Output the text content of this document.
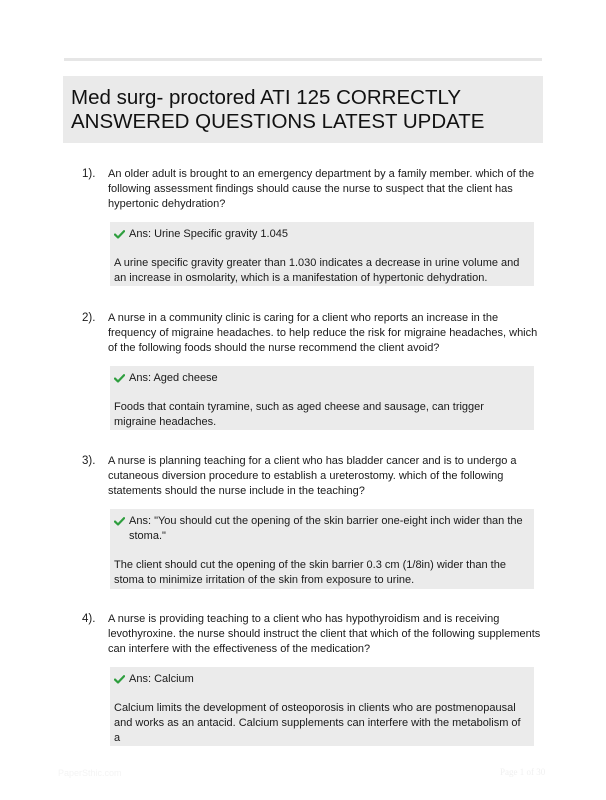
Med surg- proctored ATI 125 CORRECTLY ANSWERED QUESTIONS LATEST UPDATE
1). An older adult is brought to an emergency department by a family member. which of the following assessment findings should cause the nurse to suspect that the client has hypertonic dehydration?

Ans: Urine Specific gravity 1.045

A urine specific gravity greater than 1.030 indicates a decrease in urine volume and an increase in osmolarity, which is a manifestation of hypertonic dehydration.

2). A nurse in a community clinic is caring for a client who reports an increase in the frequency of migraine headaches. to help reduce the risk for migraine headaches, which of the following foods should the nurse recommend the client avoid?

Ans: Aged cheese

Foods that contain tyramine, such as aged cheese and sausage, can trigger migraine headaches.

3). A nurse is planning teaching for a client who has bladder cancer and is to undergo a cutaneous diversion procedure to establish a ureterostomy. which of the following statements should the nurse include in the teaching?

Ans: "You should cut the opening of the skin barrier one-eight inch wider than the stoma."

The client should cut the opening of the skin barrier 0.3 cm (1/8in) wider than the stoma to minimize irritation of the skin from exposure to urine.

4). A nurse is providing teaching to a client who has hypothyroidism and is receiving levothyroxine. the nurse should instruct the client that which of the following supplements can interfere with the effectiveness of the medication?

Ans: Calcium

Calcium limits the development of osteoporosis in clients who are postmenopausal and works as an antacid. Calcium supplements can interfere with the metabolism of a

PaperSthic.com	Page 1 of 30
